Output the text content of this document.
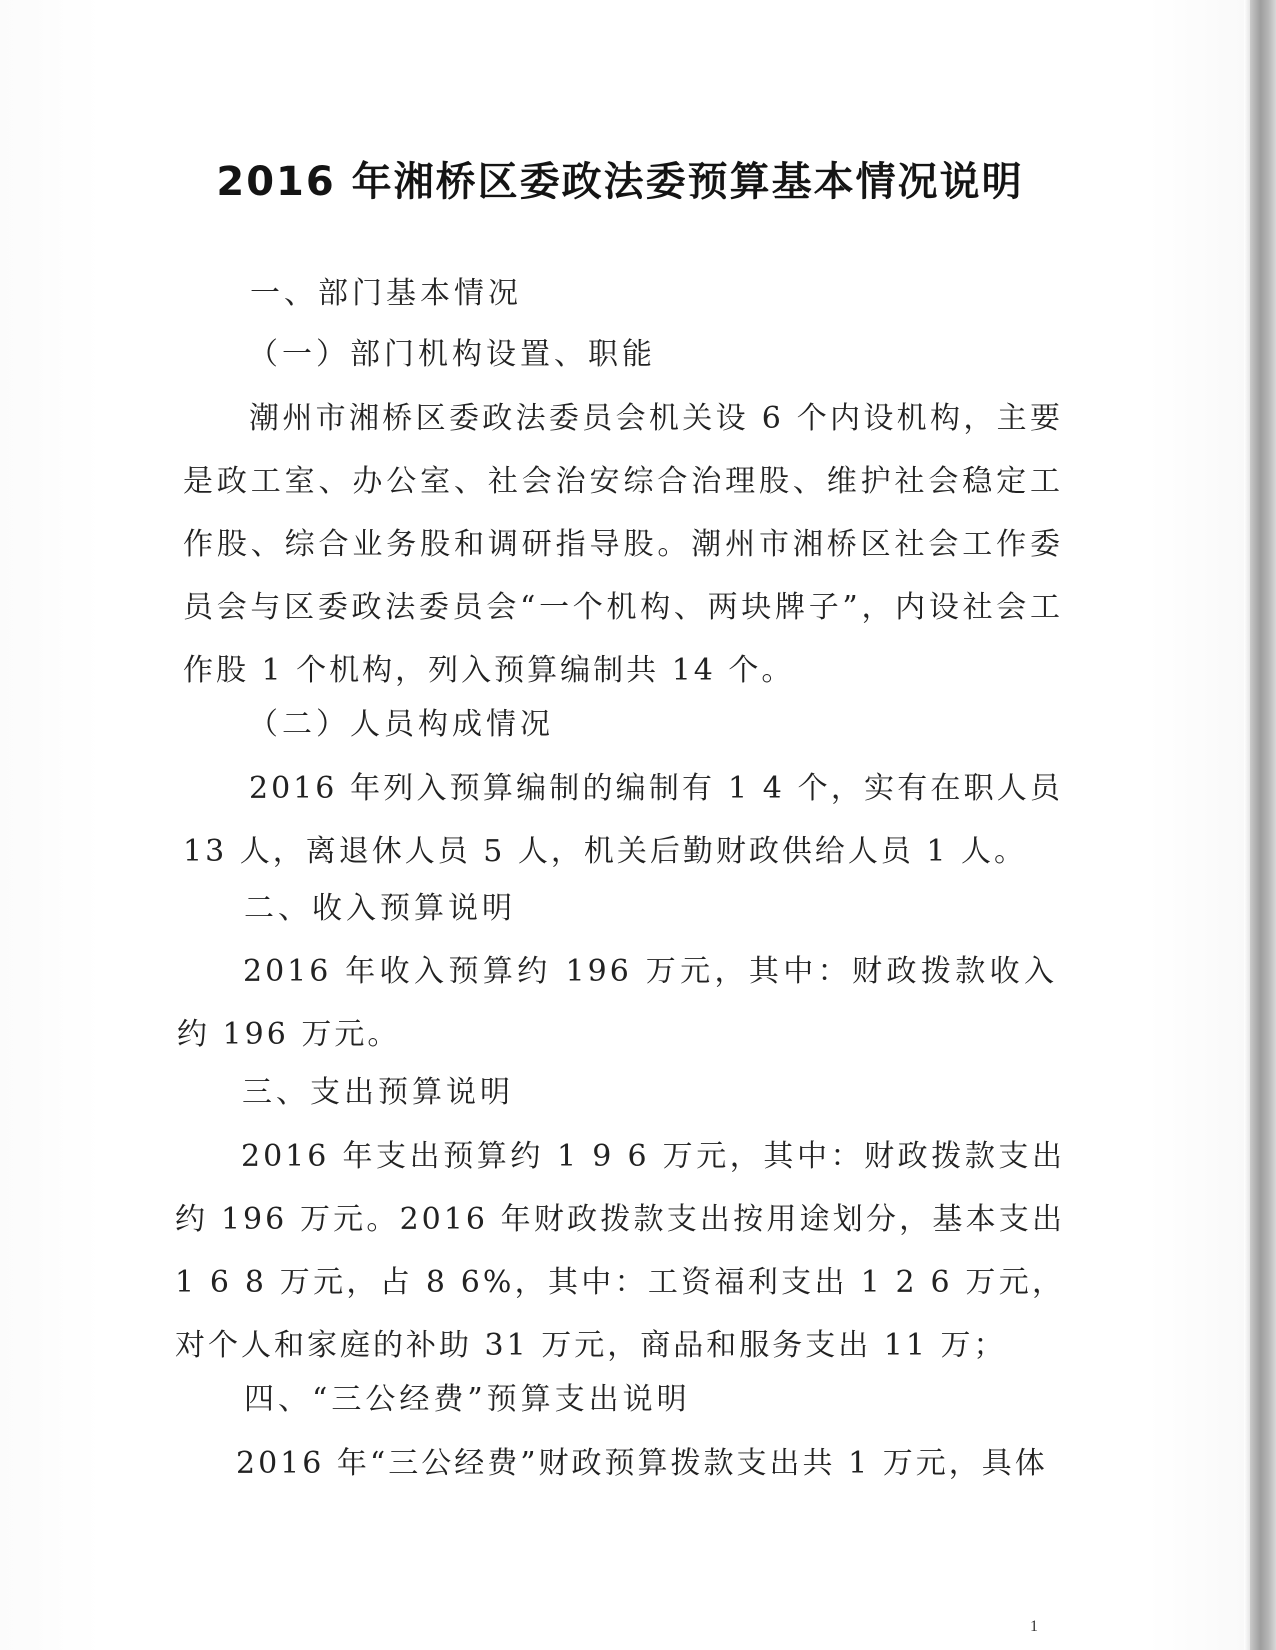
2016 年湘桥区委政法委预算基本情况说明
一、部门基本情况
（一）部门机构设置、职能
潮州市湘桥区委政法委员会机关设 6 个内设机构，主要是政工室、办公室、社会治安综合治理股、维护社会稳定工作股、综合业务股和调研指导股。潮州市湘桥区社会工作委员会与区委政法委员会“一个机构、两块牌子”，内设社会工作股 1 个机构，列入预算编制共 14 个。
（二）人员构成情况
2016 年列入预算编制的编制有 1 4 个，实有在职人员 13 人，离退休人员 5 人，机关后勤财政供给人员 1 人。
二、收入预算说明
2016 年收入预算约 196 万元，其中：财政拨款收入约 196 万元。
三、支出预算说明
2016 年支出预算约 1 9 6 万元，其中：财政拨款支出约 196 万元。2016 年财政拨款支出按用途划分，基本支出 1 6 8 万元，占 8 6%，其中：工资福利支出 1 2 6 万元，对个人和家庭的补助 31 万元，商品和服务支出 11 万；
四、“三公经费”预算支出说明
2016 年“三公经费”财政预算拨款支出共 1 万元，具体
1
